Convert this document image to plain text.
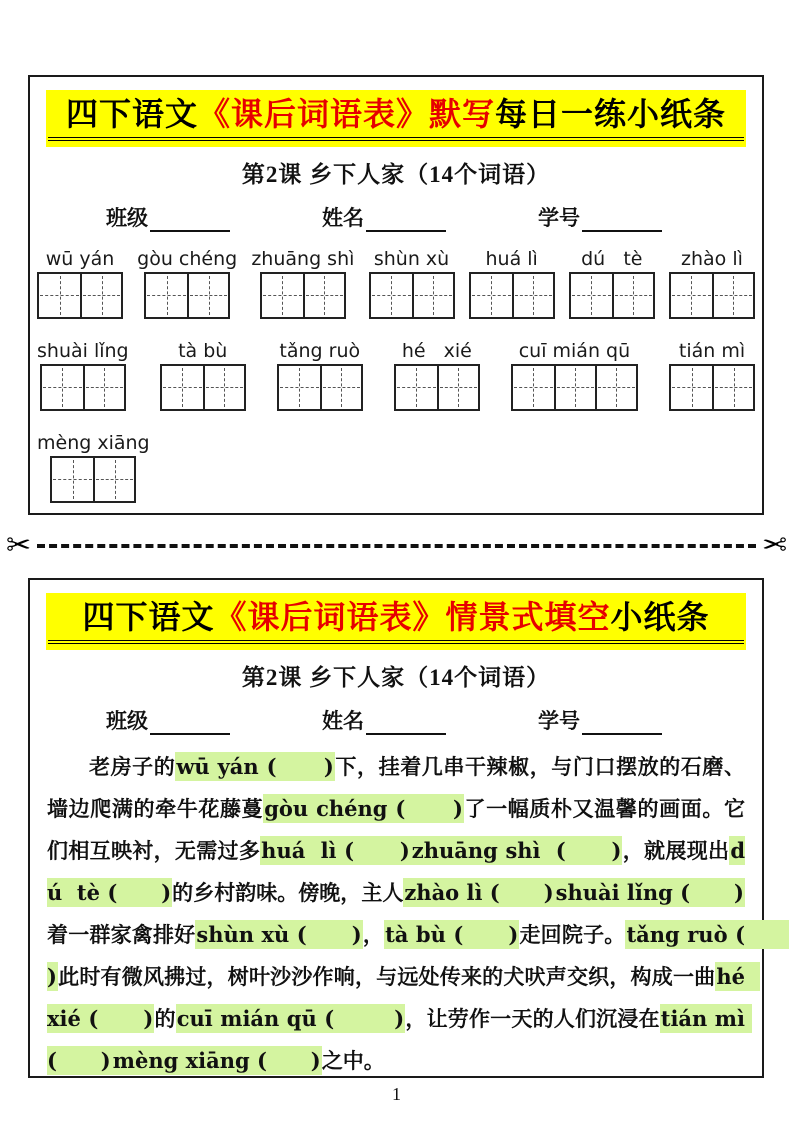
四下语文《课后词语表》默写每日一练小纸条
第2课 乡下人家（14个词语）
班级	姓名	学号
wū yán gòu chéng zhuāng shì shùn xù huá lì dú   tè zhào lì
shuài lǐng	tà bù	tǎng ruò hé   xié cuī mián qū	tián mì
mèng xiāng
✂	✂
四下语文《课后词语表》情景式填空小纸条
第2课 乡下人家（14个词语）
班级	姓名	学号
老房子的wū yán (      )下，挂着几串干辣椒，与门口摆放的石磨、墙边爬满的牵牛花藤蔓gòu chéng (      )了一幅质朴又温馨的画面。它们相互映衬，无需过多huá  lì (      )zhuāng shì  (      )，就展现出dú  tè (      )的乡村韵味。傍晚，主人zhào lì (      )shuài lǐng (      )着一群家禽排好shùn xù (      )，tà bù (      )走回院子。tǎng ruò (      )此时有微风拂过，树叶沙沙作响，与远处传来的犬吠声交织，构成一曲hé  xié (      )的cuī mián qū (        )，让劳作一天的人们沉浸在tián mì (      )mèng xiāng (      )之中。
1
